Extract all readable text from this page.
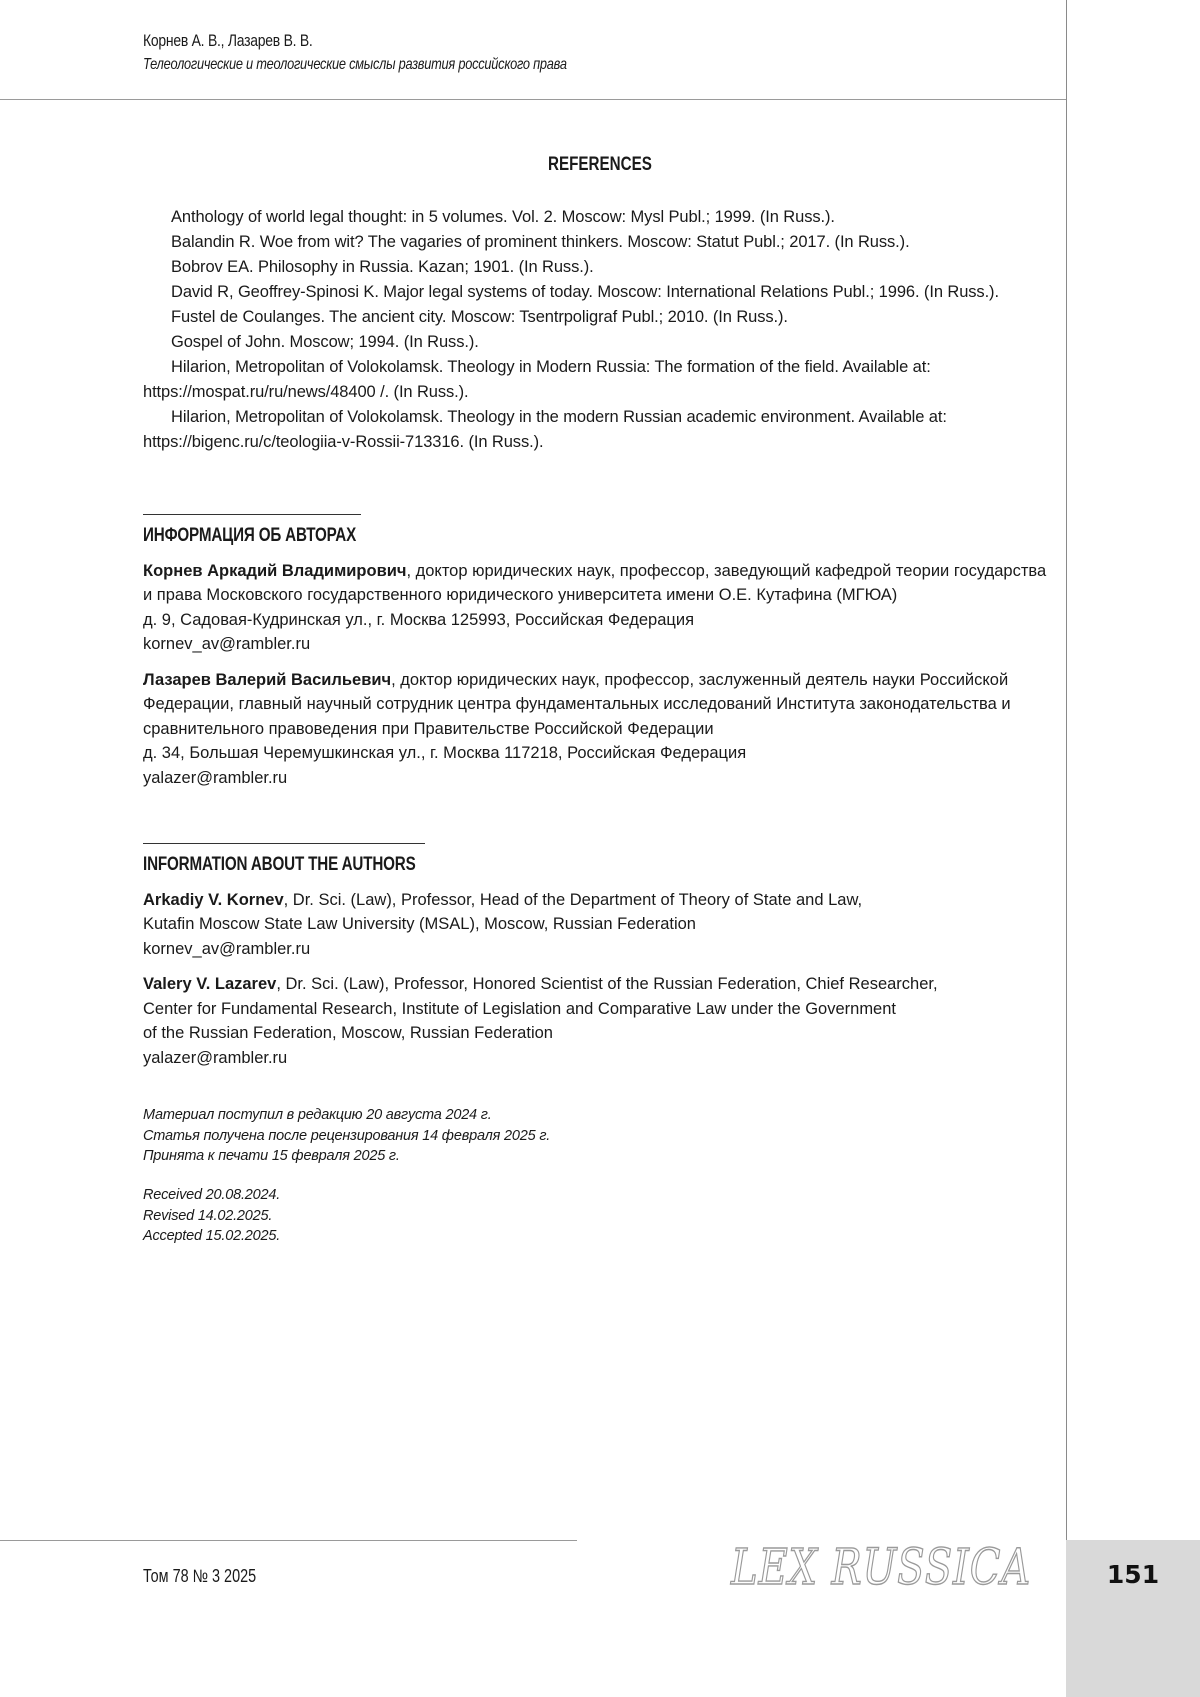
Корнев А. В., Лазарев В. В.
Телеологические и теологические смыслы развития российского права
REFERENCES

Anthology of world legal thought: in 5 volumes. Vol. 2. Moscow: Mysl Publ.; 1999. (In Russ.).

Balandin R. Woe from wit? The vagaries of prominent thinkers. Moscow: Statut Publ.; 2017. (In Russ.).

Bobrov EA. Philosophy in Russia. Kazan; 1901. (In Russ.).

David R, Geoffrey-Spinosi K. Major legal systems of today. Moscow: International Relations Publ.; 1996. (In Russ.).

Fustel de Coulanges. The ancient city. Moscow: Tsentrpoligraf Publ.; 2010. (In Russ.).

Gospel of John. Moscow; 1994. (In Russ.).

Hilarion, Metropolitan of Volokolamsk. Theology in Modern Russia: The formation of the field. Available at: https://mospat.ru/ru/news/48400 /. (In Russ.).

Hilarion, Metropolitan of Volokolamsk. Theology in the modern Russian academic environment. Available at: https://bigenc.ru/c/teologiia-v-Rossii-713316. (In Russ.).

ИНФОРМАЦИЯ ОБ АВТОРАХ

Корнев Аркадий Владимирович, доктор юридических наук, профессор, заведующий кафедрой теории государства и права Московского государственного юридического университета имени О.Е. Кутафина (МГЮА)
д. 9, Садовая-Кудринская ул., г. Москва 125993, Российская Федерация
kornev_av@rambler.ru

Лазарев Валерий Васильевич, доктор юридических наук, профессор, заслуженный деятель науки Российской Федерации, главный научный сотрудник центра фундаментальных исследований Института законодательства и сравнительного правоведения при Правительстве Российской Федерации
д. 34, Большая Черемушкинская ул., г. Москва 117218, Российская Федерация
yalazer@rambler.ru

INFORMATION ABOUT THE AUTHORS

Arkadiy V. Kornev, Dr. Sci. (Law), Professor, Head of the Department of Theory of State and Law,
Kutafin Moscow State Law University (MSAL), Moscow, Russian Federation
kornev_av@rambler.ru

Valery V. Lazarev, Dr. Sci. (Law), Professor, Honored Scientist of the Russian Federation, Chief Researcher,
Center for Fundamental Research, Institute of Legislation and Comparative Law under the Government
of the Russian Federation, Moscow, Russian Federation
yalazer@rambler.ru

Материал поступил в редакцию 20 августа 2024 г.

Статья получена после рецензирования 14 февраля 2025 г.

Принята к печати 15 февраля 2025 г.

Received 20.08.2024.

Revised 14.02.2025.

Accepted 15.02.2025.

Том 78 № 3 2025	LEX RUSSICA	151
